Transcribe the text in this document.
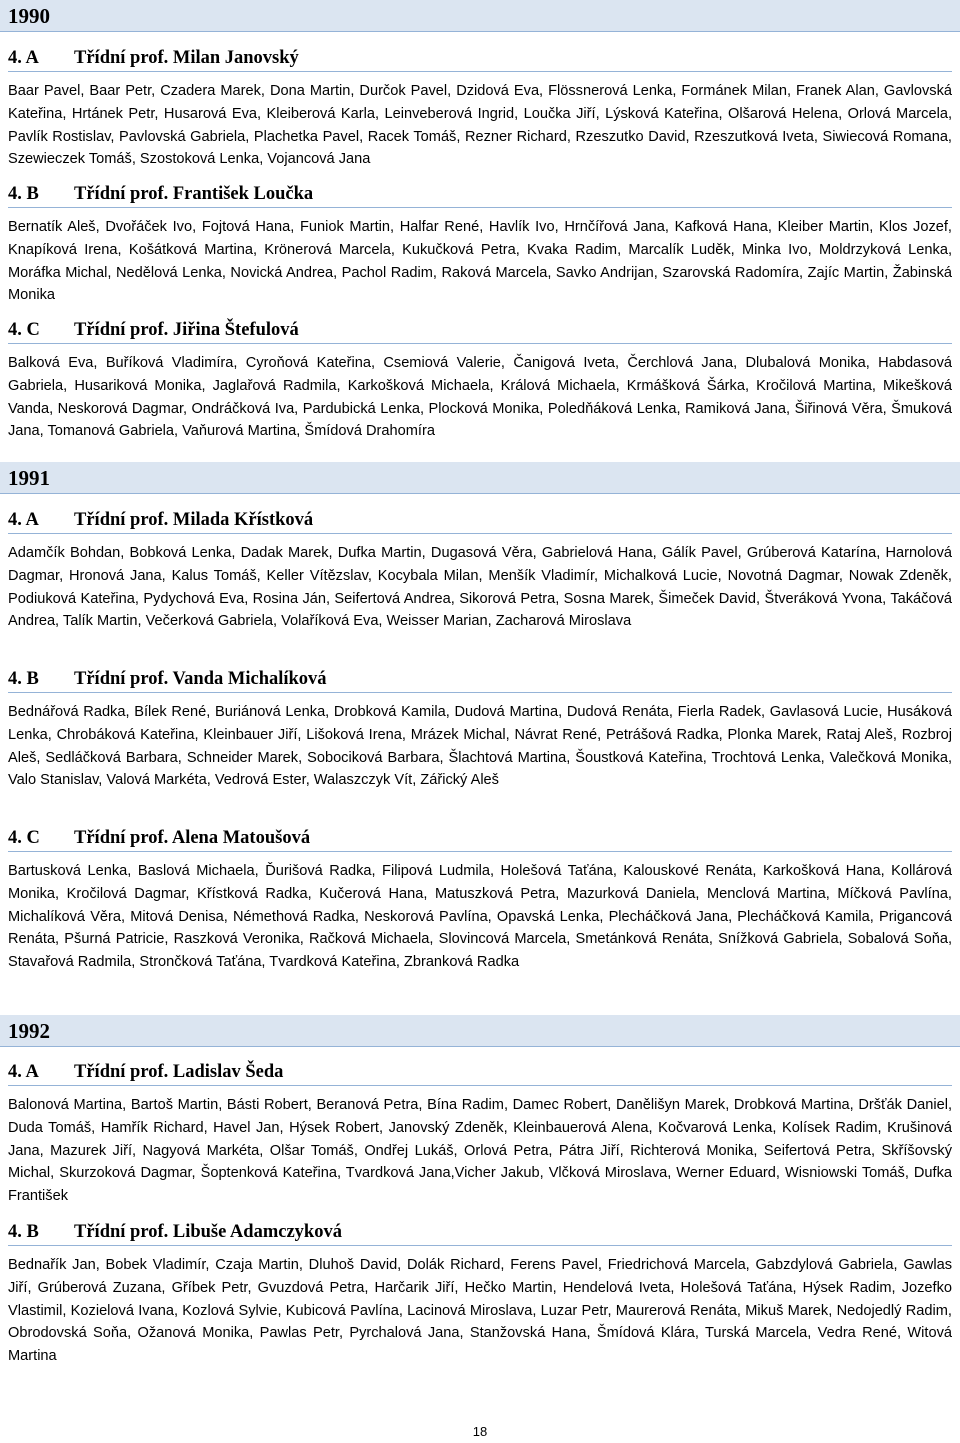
1990
4. A Třídní prof. Milan Janovský

Baar Pavel, Baar Petr, Czadera Marek, Dona Martin, Durčok Pavel, Dzidová Eva, Flössnerová Lenka, Formánek Milan, Franek Alan, Gavlovská Kateřina, Hrtánek Petr, Husarová Eva, Kleiberová Karla, Leinveberová Ingrid, Loučka Jiří, Lýsková Kateřina, Olšarová Helena, Orlová Marcela, Pavlík Rostislav, Pavlovská Gabriela, Plachetka Pavel, Racek Tomáš, Rezner Richard, Rzeszutko David, Rzeszutková Iveta, Siwiecová Romana, Szewieczek Tomáš, Szostoková Lenka, Vojancová Jana

4. B Třídní prof. František Loučka

Bernatík Aleš, Dvořáček Ivo, Fojtová Hana, Funiok Martin, Halfar René, Havlík Ivo, Hrnčířová Jana, Kafková Hana, Kleiber Martin, Klos Jozef, Knapíková Irena, Košátková Martina, Krönerová Marcela, Kukučková Petra, Kvaka Radim, Marcalík Luděk, Minka Ivo, Moldrzyková Lenka, Moráfka Michal, Nedělová Lenka, Novická Andrea, Pachol Radim, Raková Marcela, Savko Andrijan, Szarovská Radomíra, Zajíc Martin, Žabinská Monika

4. C Třídní prof. Jiřina Štefulová

Balková Eva, Buříková Vladimíra, Cyroňová Kateřina, Csemiová Valerie, Čanigová Iveta, Čerchlová Jana, Dlubalová Monika, Habdasová Gabriela, Husariková Monika, Jaglařová Radmila, Karkošková Michaela, Králová Michaela, Krmášková Šárka, Kročilová Martina, Mikešková Vanda, Neskorová Dagmar, Ondráčková Iva, Pardubická Lenka, Plocková Monika, Poledňáková Lenka, Ramiková Jana, Šiřinová Věra, Šmuková Jana, Tomanová Gabriela, Vaňurová Martina, Šmídová Drahomíra

1991
4. A Třídní prof. Milada Křístková

Adamčík Bohdan, Bobková Lenka, Dadak Marek, Dufka Martin, Dugasová Věra, Gabrielová Hana, Gálík Pavel, Grúberová Katarína, Harnolová Dagmar, Hronová Jana, Kalus Tomáš, Keller Vítězslav, Kocybala Milan, Menšík Vladimír, Michalková Lucie, Novotná Dagmar, Nowak Zdeněk, Podiuková Kateřina, Pydychová Eva, Rosina Ján, Seifertová Andrea, Sikorová Petra, Sosna Marek, Šimeček David, Štveráková Yvona, Takáčová Andrea, Talík Martin, Večerková Gabriela, Volaříková Eva, Weisser Marian, Zacharová Miroslava

4. B Třídní prof. Vanda Michalíková

Bednářová Radka, Bílek René, Buriánová Lenka, Drobková Kamila, Dudová Martina, Dudová Renáta, Fierla Radek, Gavlasová Lucie, Husáková Lenka, Chrobáková Kateřina, Kleinbauer Jiří, Lišoková Irena, Mrázek Michal, Návrat René, Petrášová Radka, Plonka Marek, Rataj Aleš, Rozbroj Aleš, Sedláčková Barbara, Schneider Marek, Sobociková Barbara, Šlachtová Martina, Šoustková Kateřina, Trochtová Lenka, Valečková Monika, Valo Stanislav, Valová Markéta, Vedrová Ester, Walaszczyk Vít, Zářický Aleš

4. C Třídní prof. Alena Matoušová

Bartusková Lenka, Baslová Michaela, Ďurišová Radka, Filipová Ludmila, Holešová Taťána, Kalouskové Renáta, Karkošková Hana, Kollárová Monika, Kročilová Dagmar, Křístková Radka, Kučerová Hana, Matuszková Petra, Mazurková Daniela, Menclová Martina, Míčková Pavlína, Michalíková Věra, Mitová Denisa, Némethová Radka, Neskorová Pavlína, Opavská Lenka, Plecháčková Jana, Plecháčková Kamila, Prigancová Renáta, Pšurná Patricie, Raszková Veronika, Račková Michaela, Slovincová Marcela, Smetánková Renáta, Snížková Gabriela, Sobalová Soňa, Stavařová Radmila, Strončková Taťána, Tvardková Kateřina, Zbranková Radka

1992
4. A Třídní prof. Ladislav Šeda

Balonová Martina, Bartoš Martin, Básti Robert, Beranová Petra, Bína Radim, Damec Robert, Danělišyn Marek, Drobková Martina, Dršťák Daniel, Duda Tomáš, Hamřík Richard, Havel Jan, Hýsek Robert, Janovský Zdeněk, Kleinbauerová Alena, Kočvarová Lenka, Kolísek Radim, Krušinová Jana, Mazurek Jiří, Nagyová Markéta, Olšar Tomáš, Ondřej Lukáš, Orlová Petra, Pátra Jiří, Richterová Monika, Seifertová Petra, Skříšovský Michal, Skurzoková Dagmar, Šoptenková Kateřina, Tvardková Jana,Vicher Jakub, Vlčková Miroslava, Werner Eduard, Wisniowski Tomáš, Dufka František

4. B Třídní prof. Libuše Adamczyková

Bednařík Jan, Bobek Vladimír, Czaja Martin, Dluhoš David, Dolák Richard, Ferens Pavel, Friedrichová Marcela, Gabzdylová Gabriela, Gawlas Jiří, Grúberová Zuzana, Gříbek Petr, Gvuzdová Petra, Harčarik Jiří, Hečko Martin, Hendelová Iveta, Holešová Taťána, Hýsek Radim, Jozefko Vlastimil, Kozielová Ivana, Kozlová Sylvie, Kubicová Pavlína, Lacinová Miroslava, Luzar Petr, Maurerová Renáta, Mikuš Marek, Nedojedlý Radim, Obrodovská Soňa, Ožanová Monika, Pawlas Petr, Pyrchalová Jana, Stanžovská Hana, Šmídová Klára, Turská Marcela, Vedra René, Witová Martina

18
